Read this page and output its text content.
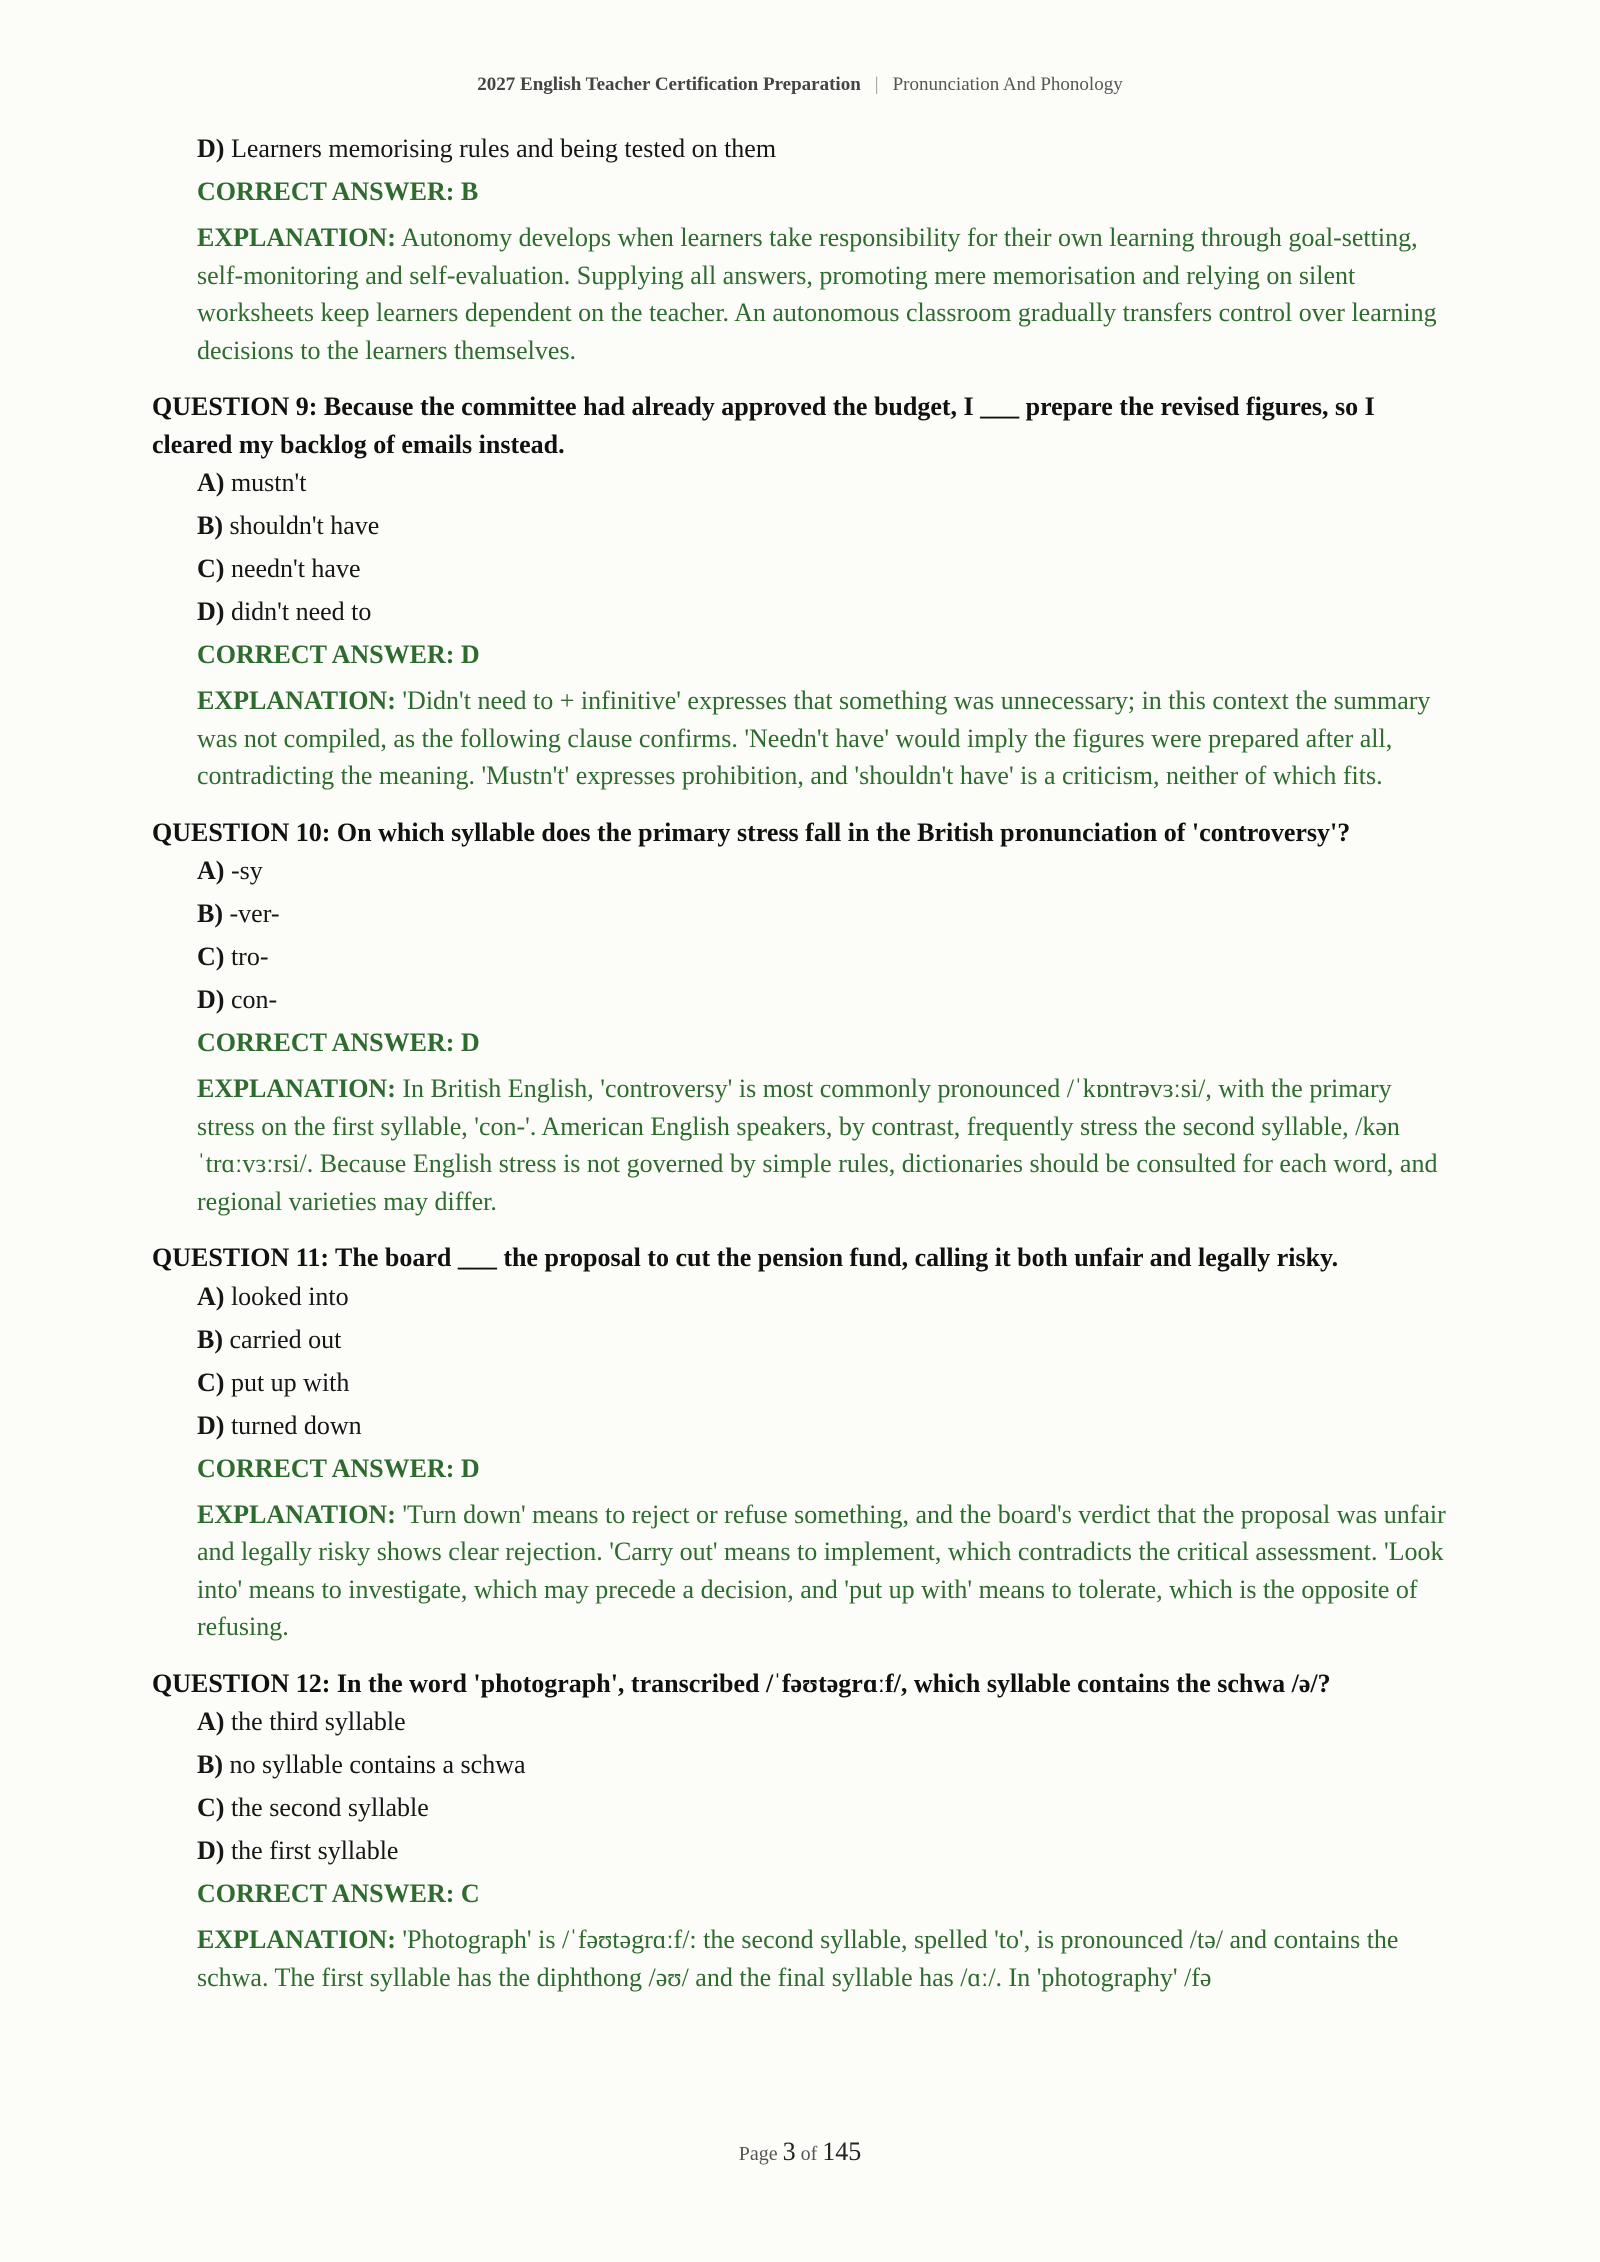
2027 English Teacher Certification Preparation | Pronunciation And Phonology
D) Learners memorising rules and being tested on them
CORRECT ANSWER: B
EXPLANATION: Autonomy develops when learners take responsibility for their own learning through goal-setting, self-monitoring and self-evaluation. Supplying all answers, promoting mere memorisation and relying on silent worksheets keep learners dependent on the teacher. An autonomous classroom gradually transfers control over learning decisions to the learners themselves.
QUESTION 9: Because the committee had already approved the budget, I ___ prepare the revised figures, so I cleared my backlog of emails instead.
A) mustn't
B) shouldn't have
C) needn't have
D) didn't need to
CORRECT ANSWER: D
EXPLANATION: 'Didn't need to + infinitive' expresses that something was unnecessary; in this context the summary was not compiled, as the following clause confirms. 'Needn't have' would imply the figures were prepared after all, contradicting the meaning. 'Mustn't' expresses prohibition, and 'shouldn't have' is a criticism, neither of which fits.
QUESTION 10: On which syllable does the primary stress fall in the British pronunciation of 'controversy'?
A) -sy
B) -ver-
C) tro-
D) con-
CORRECT ANSWER: D
EXPLANATION: In British English, 'controversy' is most commonly pronounced /ˈkɒntrəvɜːsi/, with the primary stress on the first syllable, 'con-'. American English speakers, by contrast, frequently stress the second syllable, /kənˈtrɑːvɜːrsi/. Because English stress is not governed by simple rules, dictionaries should be consulted for each word, and regional varieties may differ.
QUESTION 11: The board ___ the proposal to cut the pension fund, calling it both unfair and legally risky.
A) looked into
B) carried out
C) put up with
D) turned down
CORRECT ANSWER: D
EXPLANATION: 'Turn down' means to reject or refuse something, and the board's verdict that the proposal was unfair and legally risky shows clear rejection. 'Carry out' means to implement, which contradicts the critical assessment. 'Look into' means to investigate, which may precede a decision, and 'put up with' means to tolerate, which is the opposite of refusing.
QUESTION 12: In the word 'photograph', transcribed /ˈfəʊtəgrɑːf/, which syllable contains the schwa /ə/?
A) the third syllable
B) no syllable contains a schwa
C) the second syllable
D) the first syllable
CORRECT ANSWER: C
EXPLANATION: 'Photograph' is /ˈfəʊtəgrɑːf/: the second syllable, spelled 'to', is pronounced /tə/ and contains the schwa. The first syllable has the diphthong /əʊ/ and the final syllable has /ɑː/. In 'photography' /fə
Page 3 of 145
